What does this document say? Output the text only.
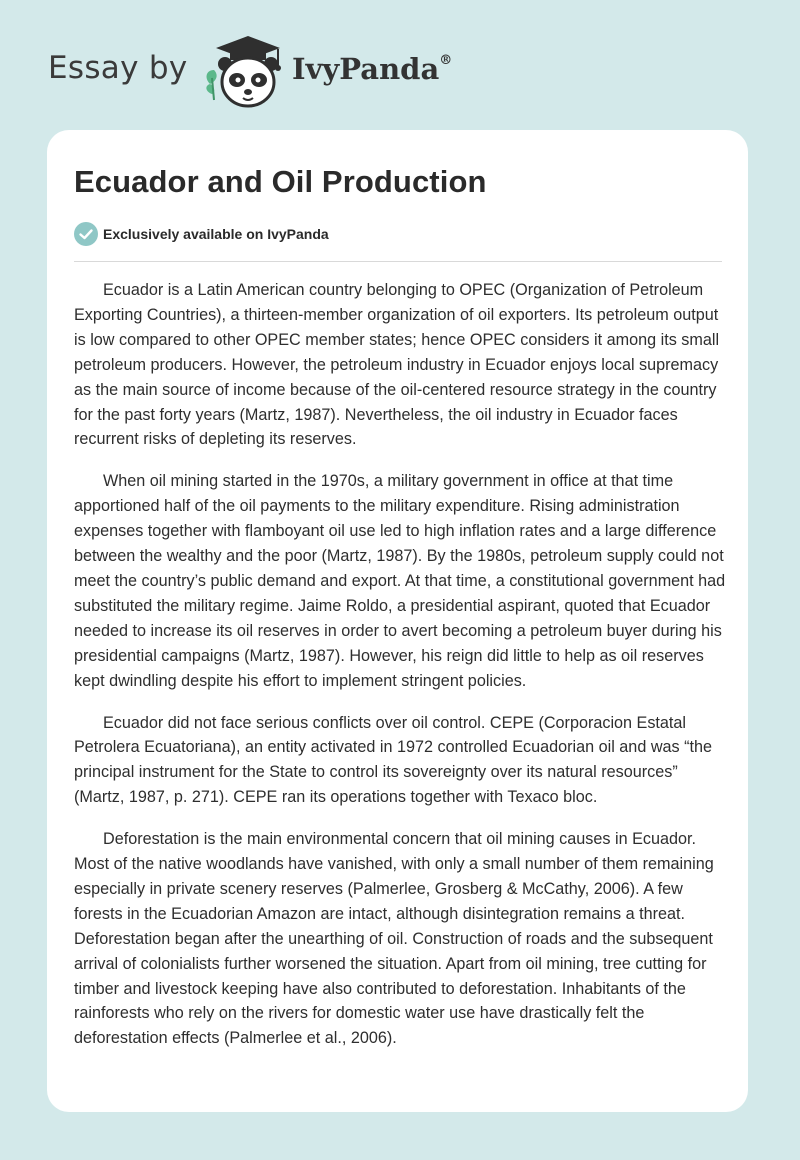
Essay by	IvyPanda®
Ecuador and Oil Production
Exclusively available on IvyPanda

Ecuador is a Latin American country belonging to OPEC (Organization of Petroleum Exporting Countries), a thirteen-member organization of oil exporters. Its petroleum output is low compared to other OPEC member states; hence OPEC considers it among its small petroleum producers. However, the petroleum industry in Ecuador enjoys local supremacy as the main source of income because of the oil-centered resource strategy in the country for the past forty years (Martz, 1987). Nevertheless, the oil industry in Ecuador faces recurrent risks of depleting its reserves.

When oil mining started in the 1970s, a military government in office at that time apportioned half of the oil payments to the military expenditure. Rising administration expenses together with flamboyant oil use led to high inflation rates and a large difference between the wealthy and the poor (Martz, 1987). By the 1980s, petroleum supply could not meet the country’s public demand and export. At that time, a constitutional government had substituted the military regime. Jaime Roldo, a presidential aspirant, quoted that Ecuador needed to increase its oil reserves in order to avert becoming a petroleum buyer during his presidential campaigns (Martz, 1987). However, his reign did little to help as oil reserves kept dwindling despite his effort to implement stringent policies.

Ecuador did not face serious conflicts over oil control. CEPE (Corporacion Estatal Petrolera Ecuatoriana), an entity activated in 1972 controlled Ecuadorian oil and was “the principal instrument for the State to control its sovereignty over its natural resources” (Martz, 1987, p. 271). CEPE ran its operations together with Texaco bloc.

Deforestation is the main environmental concern that oil mining causes in Ecuador. Most of the native woodlands have vanished, with only a small number of them remaining especially in private scenery reserves (Palmerlee, Grosberg & McCathy, 2006). A few forests in the Ecuadorian Amazon are intact, although disintegration remains a threat. Deforestation began after the unearthing of oil. Construction of roads and the subsequent arrival of colonialists further worsened the situation. Apart from oil mining, tree cutting for timber and livestock keeping have also contributed to deforestation. Inhabitants of the rainforests who rely on the rivers for domestic water use have drastically felt the deforestation effects (Palmerlee et al., 2006).
